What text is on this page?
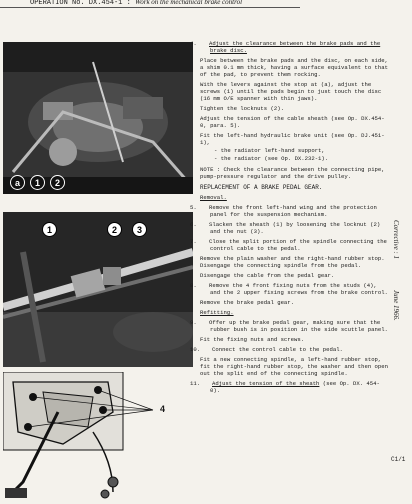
OPERATION No. DX.454-1 : Work on the mechanical brake control
a	1	2
1	2	3
4

4. Adjust the clearance between the brake pads and the brake disc.

Place between the brake pads and the disc, on each side, a shim 0.1 mm thick, having a surface equivalent to that of the pad, to prevent them rocking.

With the levers against the stop at (a), adjust the screws (1) until the pads begin to just touch the disc (16 mm O/E spanner with thin jaws).

Tighten the locknuts (2).

Adjust the tension of the cable sheath (see Op. DX.454-0, para. 5).

Fit the left-hand hydraulic brake unit (see Op. DJ.451-1),

- the radiator left-hand support,

- the radiator (see Op. DX.232-1).

NOTE : Check the clearance between the connecting pipe, pump-pressure regulator and the drive pulley.

REPLACEMENT OF A BRAKE PEDAL GEAR.

Removal.

5. Remove the front left-hand wing and the protection panel for the suspension mechanism.

6. Slacken the sheath (1) by loosening the locknut (2) and the nut (3).

7. Close the split portion of the spindle connecting the control cable to the pedal.

Remove the plain washer and the right-hand rubber stop. Disengage the connecting spindle from the pedal.

Disengage the cable from the pedal gear.

8. Remove the 4 front fixing nuts from the studs (4), and the 2 upper fixing screws from the brake control.

Remove the brake pedal gear.

Refitting.

9. Offer up the brake pedal gear, making sure that the rubber bush is in position in the side scuttle panel.

Fit the fixing nuts and screws.

10. Connect the control cable to the pedal.

Fit a new connecting spindle, a left-hand rubber stop, fit the right-hand rubber stop, the washer and then open out the split end of the connecting spindle.

11. Adjust the tension of the sheath (see Op. DX. 454-0).

Corrective : 1
June 1966.
C1/1
